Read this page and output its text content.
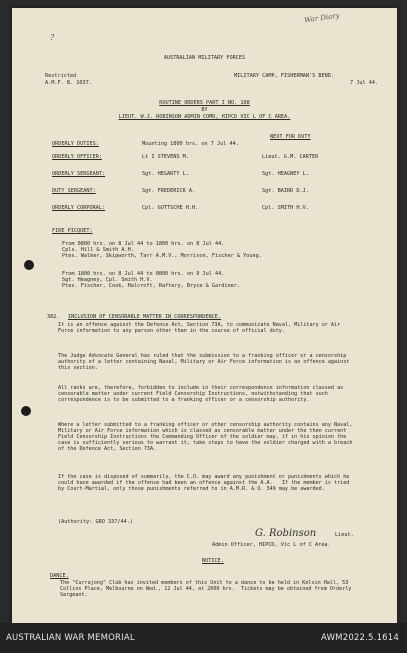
War Diary
?
AUSTRALIAN MILITARY FORCES
Restricted
A.M.F. B. 1037.
MILITARY CAMP, FISHERMAN'S BEND.
7 Jul 44.
ROUTINE ORDERS PART I NO. 108
BY
LIEUT. W.J. ROBINSON ADMIN COMD, HIPCD VIC L OF C AREA.
NEXT FOR DUTY
ORDERLY DUTIES:	Mounting 1800 hrs. on 7 Jul 44.
ORDERLY OFFICER:	Lt I STEVENS M.	Lieut. G.M. CARTER
ORDERLY SERGEANT:	Sgt. HEGARTY L.	Sgt. HEAGNEY L.
DUTY SERGEANT:	Sgt. FREDERICK A.	Sgt. BAIRD D.J.
ORDERLY CORPORAL:	Cpl. GOTTSCHE H.H.	Cpl. SMITH H.V.
FIRE PICQUET:
From 0800 hrs. on 8 Jul 44 to 1800 hrs. on 8 Jul 44.
Cpls. Hill & Smith A.H.
Ptes. Walker, Skipworth, Tarr A.M.V., Morrison, Fischer & Young.
From 1800 hrs. on 8 Jul 44 to 0800 hrs. on 9 Jul 44.
Sgt. Heagney, Cpl. Smith H.V.
Ptes. Fischer, Cook, Halcroft, Raftery, Bryce & Gardiner.
382. INCLUSION OF CENSORABLE MATTER IN CORRESPONDENCE.
It is an offence against the Defence Act, Section 73A, to communicate Naval, Military or Air Force information to any person other than in the course of official duty.
The Judge Advocate General has ruled that the submission to a franking officer or a censorship authority of a letter containing Naval, Military or Air Force information is an offence against this section.
All ranks are, therefore, forbidden to include in their correspondence information classed as censorable matter under current Field Censorship Instructions, notwithstanding that such correspondence is to be submitted to a franking officer or a censorship authority.
Where a letter submitted to a franking officer or other censorship authority contains any Naval, Military or Air Force information which is classed as censorable matter under the then current Field Censorship Instructions the Commanding Officer of the soldier may, if in his opinion the case is sufficiently serious to warrant it, take steps to have the soldier charged with a breach of the Defence Act, Section 73A.
If the case is disposed of summarily, the C.O. may award any punishment or punishments which he could have awarded if the offence had been an offence against the A.A.   If the member is tried by Court-Martial, only those punishments referred to in A.M.R. & O. 349 may be awarded.
(Authority: GRO 337/44.)
G. Robinson	Lieut.
Admin Officer, HIPCD, Vic L of C Area.
NOTICE.
DANCE.
The "Currajong" Club has invited members of this Unit to a dance to be held in Kelvin Hall, 53 Collins Place, Melbourne on Wed., 12 Jul 44, at 2000 hrs.  Tickets may be obtained from Orderly Sergeant.
AUSTRALIAN WAR MEMORIAL	AWM2022.5.1614
